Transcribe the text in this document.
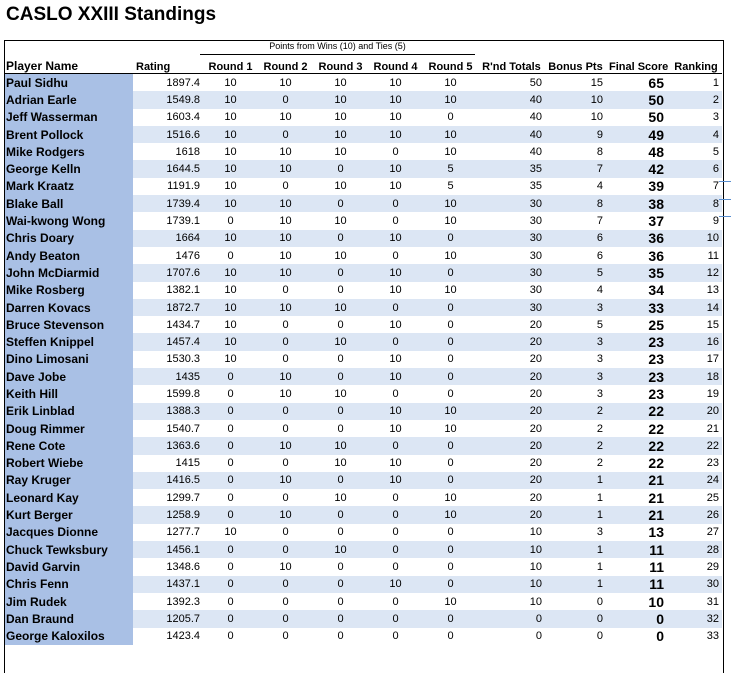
CASLO XXIII Standings
Points from Wins (10) and Ties (5)
Player Name	Rating	Round 1	Round 2	Round 3	Round 4	Round 5	R'nd Totals	Bonus Pts	Final Score	Ranking
Paul Sidhu	1897.4	10	10	10	10	10	50	15	65	1
Adrian Earle	1549.8	10	0	10	10	10	40	10	50	2
Jeff Wasserman	1603.4	10	10	10	10	0	40	10	50	3
Brent Pollock	1516.6	10	0	10	10	10	40	9	49	4
Mike Rodgers	1618	10	10	10	0	10	40	8	48	5
George Kelln	1644.5	10	10	0	10	5	35	7	42	6
Mark Kraatz	1191.9	10	0	10	10	5	35	4	39	7
Blake Ball	1739.4	10	10	0	0	10	30	8	38	8
Wai-kwong Wong	1739.1	0	10	10	0	10	30	7	37	9
Chris Doary	1664	10	10	0	10	0	30	6	36	10
Andy Beaton	1476	0	10	10	0	10	30	6	36	11
John McDiarmid	1707.6	10	10	0	10	0	30	5	35	12
Mike Rosberg	1382.1	10	0	0	10	10	30	4	34	13
Darren Kovacs	1872.7	10	10	10	0	0	30	3	33	14
Bruce Stevenson	1434.7	10	0	0	10	0	20	5	25	15
Steffen Knippel	1457.4	10	0	10	0	0	20	3	23	16
Dino Limosani	1530.3	10	0	0	10	0	20	3	23	17
Dave Jobe	1435	0	10	0	10	0	20	3	23	18
Keith Hill	1599.8	0	10	10	0	0	20	3	23	19
Erik Linblad	1388.3	0	0	0	10	10	20	2	22	20
Doug Rimmer	1540.7	0	0	0	10	10	20	2	22	21
Rene Cote	1363.6	0	10	10	0	0	20	2	22	22
Robert Wiebe	1415	0	0	10	10	0	20	2	22	23
Ray Kruger	1416.5	0	10	0	10	0	20	1	21	24
Leonard Kay	1299.7	0	0	10	0	10	20	1	21	25
Kurt Berger	1258.9	0	10	0	0	10	20	1	21	26
Jacques Dionne	1277.7	10	0	0	0	0	10	3	13	27
Chuck Tewksbury	1456.1	0	0	10	0	0	10	1	11	28
David Garvin	1348.6	0	10	0	0	0	10	1	11	29
Chris Fenn	1437.1	0	0	0	10	0	10	1	11	30
Jim Rudek	1392.3	0	0	0	0	10	10	0	10	31
Dan Braund	1205.7	0	0	0	0	0	0	0	0	32
George Kaloxilos	1423.4	0	0	0	0	0	0	0	0	33
